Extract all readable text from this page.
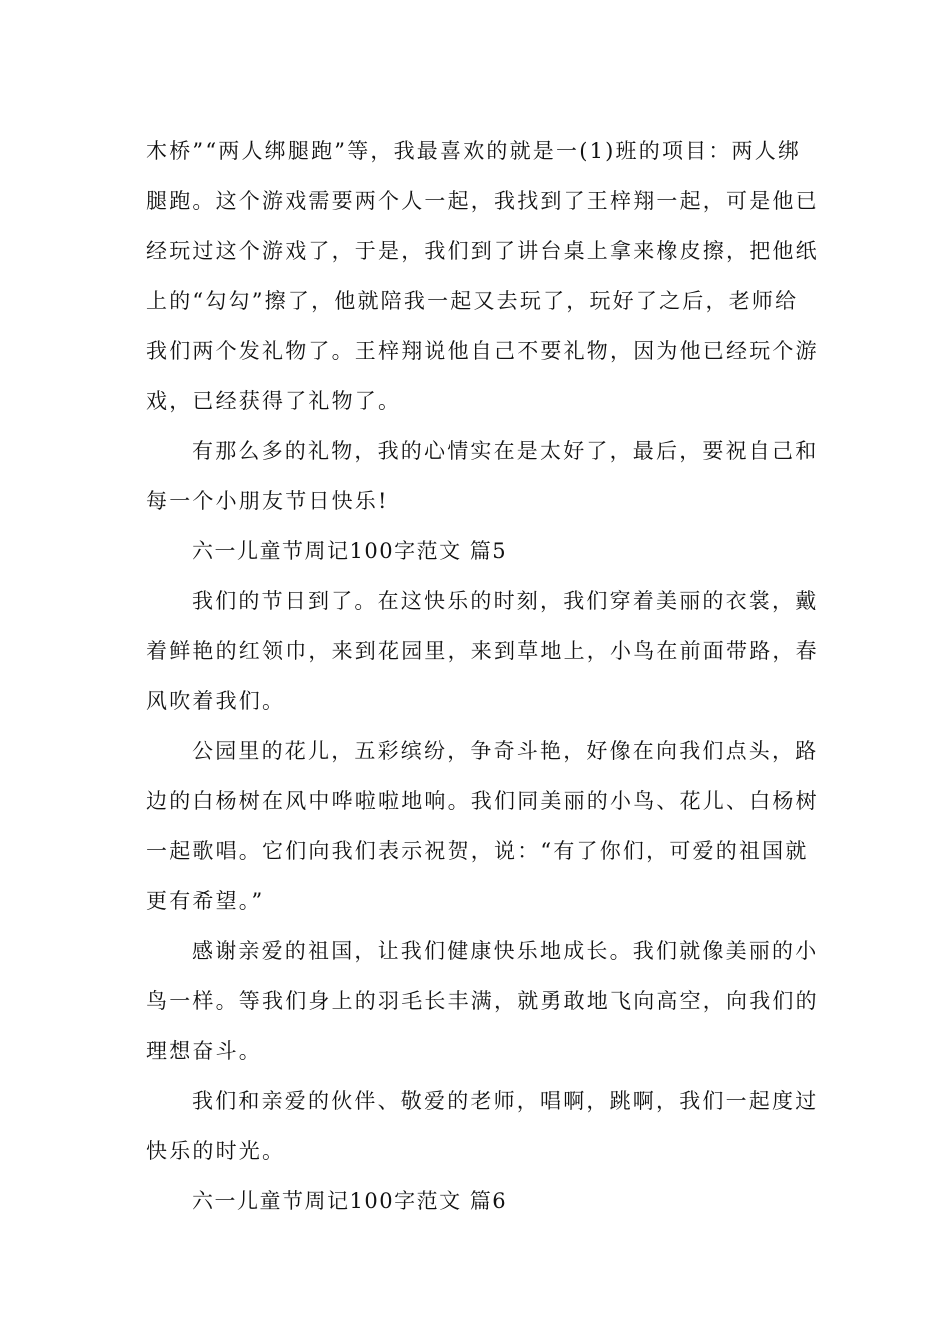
木桥”“两人绑腿跑”等，我最喜欢的就是一(1)班的项目：两人绑
腿跑。这个游戏需要两个人一起，我找到了王梓翔一起，可是他已
经玩过这个游戏了，于是，我们到了讲台桌上拿来橡皮擦，把他纸
上的“勾勾”擦了，他就陪我一起又去玩了，玩好了之后，老师给
我们两个发礼物了。王梓翔说他自己不要礼物，因为他已经玩个游
戏，已经获得了礼物了。
有那么多的礼物，我的心情实在是太好了，最后，要祝自己和
每一个小朋友节日快乐!
六一儿童节周记100字范文 篇5
我们的节日到了。在这快乐的时刻，我们穿着美丽的衣裳，戴
着鲜艳的红领巾，来到花园里，来到草地上，小鸟在前面带路，春
风吹着我们。
公园里的花儿，五彩缤纷，争奇斗艳，好像在向我们点头，路
边的白杨树在风中哗啦啦地响。我们同美丽的小鸟、花儿、白杨树
一起歌唱。它们向我们表示祝贺，说：“有了你们，可爱的祖国就
更有希望。”
感谢亲爱的祖国，让我们健康快乐地成长。我们就像美丽的小
鸟一样。等我们身上的羽毛长丰满，就勇敢地飞向高空，向我们的
理想奋斗。
我们和亲爱的伙伴、敬爱的老师，唱啊，跳啊，我们一起度过
快乐的时光。
六一儿童节周记100字范文 篇6
